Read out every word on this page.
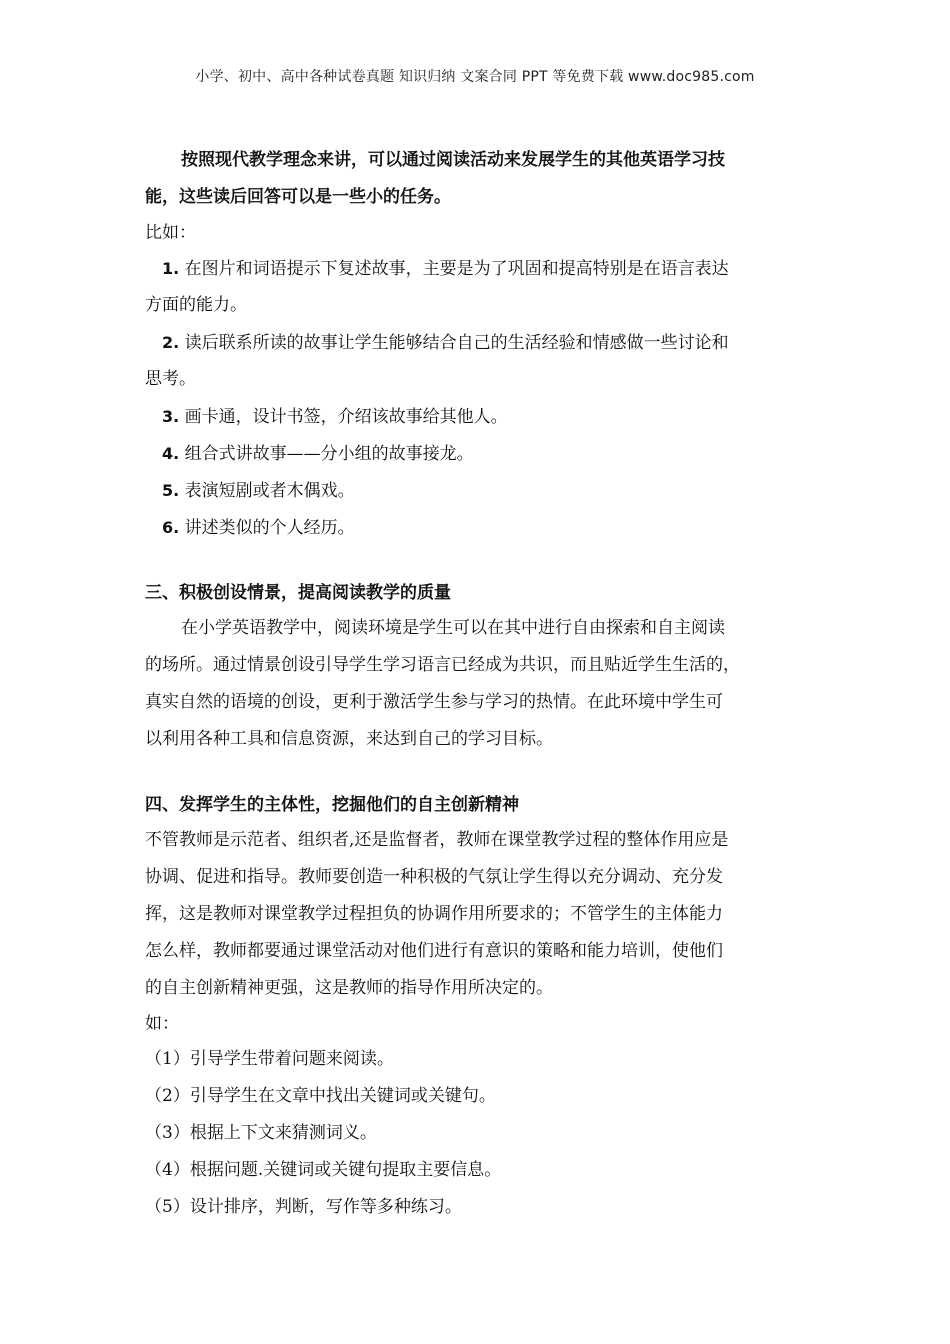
小学、初中、高中各种试卷真题 知识归纳 文案合同 PPT 等免费下载 www.doc985.com
按照现代教学理念来讲，可以通过阅读活动来发展学生的其他英语学习技
能，这些读后回答可以是一些小的任务。
比如：
1. 在图片和词语提示下复述故事，主要是为了巩固和提高特别是在语言表达
方面的能力。
2. 读后联系所读的故事让学生能够结合自己的生活经验和情感做一些讨论和
思考。
3. 画卡通，设计书签，介绍该故事给其他人。
4. 组合式讲故事——分小组的故事接龙。
5. 表演短剧或者木偶戏。
6. 讲述类似的个人经历。
三、积极创设情景，提高阅读教学的质量
在小学英语教学中，阅读环境是学生可以在其中进行自由探索和自主阅读
的场所。通过情景创设引导学生学习语言已经成为共识，而且贴近学生生活的，
真实自然的语境的创设，更利于激活学生参与学习的热情。在此环境中学生可
以利用各种工具和信息资源，来达到自己的学习目标。
四、发挥学生的主体性，挖掘他们的自主创新精神
不管教师是示范者、组织者,还是监督者，教师在课堂教学过程的整体作用应是
协调、促进和指导。教师要创造一种积极的气氛让学生得以充分调动、充分发
挥，这是教师对课堂教学过程担负的协调作用所要求的；不管学生的主体能力
怎么样，教师都要通过课堂活动对他们进行有意识的策略和能力培训，使他们
的自主创新精神更强，这是教师的指导作用所决定的。
如：
（1）引导学生带着问题来阅读。
（2）引导学生在文章中找出关键词或关键句。
（3）根据上下文来猜测词义。
（4）根据问题.关键词或关键句提取主要信息。
（5）设计排序，判断，写作等多种练习。
